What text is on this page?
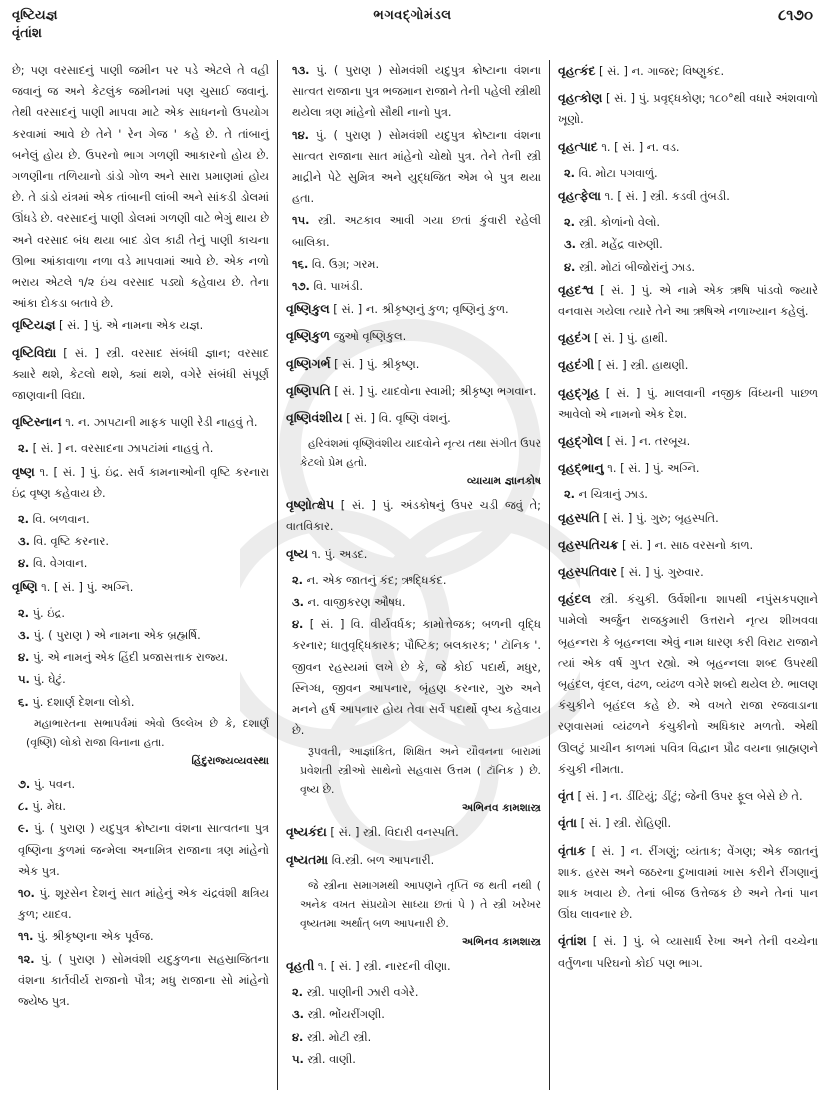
વૃષ્ટિયજ્ઞ
વૃંતાંશ
ભગવદ્ગોમંડલ	૮૧૭૦

છે; પણ વરસાદનું પાણી જમીન પર પડે એટલે તે વહી જવાનું જ અને કેટલુંક જમીનમાં પણ ચુસાઈ જવાનું. તેથી વરસાદનું પાણી માપવા માટે એક સાધનનો ઉપયોગ કરવામાં આવે છે તેને ' રેન ગેજ ' કહે છે. તે તાંબાનું બનેલું હોય છે. ઉપરનો ભાગ ગળણી આકારનો હોય છે. ગળણીના તળિયાનો ડાંડો ગોળ અને સારા પ્રમાણમાં હોય છે. તે ડાંડો યંત્રમાં એક તાંબાની લાંબી અને સાંકડી ડોલમાં ઊંધડે છે. વરસાદનું પાણી ડોલમાં ગળણી વાટે ભેગું થાય છે અને વરસાદ બંધ થયા બાદ ડોલ કાઢી તેનું પાણી કાચના ઊભા આંકાવાળા નળા વડે માપવામાં આવે છે. એક નળો ભરાય એટલે ૧/૨ ઇંચ વરસાદ પડ્યો કહેવાય છે. તેના આંકા દોકડા બતાવે છે.

વૃષ્ટિયજ્ઞ [ સં. ] પું. એ નામના એક યજ્ઞ.

વૃષ્ટિવિદ્યા [ સં. ] સ્ત્રી. વરસાદ સંબંધી જ્ઞાન; વરસાદ ક્યારે થશે, કેટલો થશે, ક્યાં થશે, વગેરે સંબંધી સંપૂર્ણ જાણવાની વિદ્યા.

વૃષ્ટિસ્નાન ૧. ન. ઝાપટાની માફક પાણી રેડી નાહવું તે.

૨. [ સં. ] ન. વરસાદના ઝાપટાંમાં નાહવું તે.

વૃષ્ણ ૧. [ સં. ] પું. ઇંદ્ર. સર્વ કામનાઓની વૃષ્ટિ કરનારા ઇંદ્ર વૃષ્ણ કહેવાય છે.

૨. વિ. બળવાન.

૩. વિ. વૃષ્ટિ કરનાર.

૪. વિ. વેગવાન.

વૃષ્ણિ ૧. [ સં. ] પું. અગ્નિ.

૨. પું. ઇંદ્ર.

૩. પું. ( પુરાણ ) એ નામના એક બ્રહ્મર્ષિ.

૪. પું. એ નામનું એક હિંદી પ્રજાસત્તાક રાજ્ય.

૫. પું. ઘેટું.

૬. પું. દશાર્ણ દેશના લોકો.

મહાભારતના સભાપર્વમાં એવો ઉલ્લેખ છે કે, દશાર્ણ (વૃષ્ણિ) લોકો રાજા વિનાના હતા.

હિંદુરાજ્યવ્યવસ્થા

૭. પું. પવન.

૮. પું. મેઘ.

૯. પું. ( પુરાણ ) યદુપુત્ર ક્રોષ્ટાના વંશના સાત્વતના પુત્ર વૃષ્ણિના કુળમાં જન્મેલા અનામિત્ર રાજાના ત્રણ માંહેનો એક પુત્ર.

૧૦. પું. શૂરસેન દેશનું સાત માંહેનું એક ચંદ્રવંશી ક્ષત્રિય કુળ; યાદવ.

૧૧. પું. શ્રીકૃષ્ણના એક પૂર્વજ.

૧૨. પું. ( પુરાણ ) સોમવંશી યદુકુળના સહસ્રાજિતના વંશના કાર્તવીર્ય રાજાનો પૌત્ર; મધુ રાજાના સો માંહેનો જ્યેષ્ઠ પુત્ર.

૧૩. પું. ( પુરાણ ) સોમવંશી યદુપુત્ર ક્રોષ્ટાના વંશના સાત્વત રાજાના પુત્ર ભજમાન રાજાને તેની પહેલી સ્ત્રીથી થયેલા ત્રણ માંહેનો સૌથી નાનો પુત્ર.

૧૪. પું. ( પુરાણ ) સોમવંશી યદુપુત્ર ક્રોષ્ટાના વંશના સાત્વત રાજાના સાત માંહેનો ચોથો પુત્ર. તેને તેની સ્ત્રી માદ્રીને પેટે સુમિત્ર અને યુદ્ધજિત એમ બે પુત્ર થયા હતા.

૧૫. સ્ત્રી. અટકાવ આવી ગયા છતાં કુંવારી રહેલી બાલિકા.

૧૬. વિ. ઉગ્ર; ગરમ.

૧૭. વિ. પાખંડી.

વૃષ્ણિકુલ [ સં. ] ન. શ્રીકૃષ્ણનું કુળ; વૃષ્ણિનું કુળ.

વૃષ્ણિકુળ જુઓ વૃષ્ણિકુલ.

વૃષ્ણિગર્ભ [ સં. ] પું. શ્રીકૃષ્ણ.

વૃષ્ણિપતિ [ સં. ] પું. યાદવોના સ્વામી; શ્રીકૃષ્ણ ભગવાન.

વૃષ્ણિવંશીય [ સં. ] વિ. વૃષ્ણિ વંશનું.

હરિવંશમાં વૃષ્ણિવંશીય યાદવોને નૃત્ય તથા સંગીત ઉપર કેટલો પ્રેમ હતો.

વ્યાયામ જ્ઞાનકોષ

વૃષ્ણોત્ક્ષેપ [ સં. ] પું. અંડકોષનું ઉપર ચડી જવું તે; વાતવિકાર.

વૃષ્ય ૧. પું. અડદ.

૨. ન. એક જાતનું કંદ; ઋદ્ધિકંદ.

૩. ન. વાજીકરણ ઔષધ.

૪. [ સં. ] વિ. વીર્યવર્ધક; કામોત્તેજક; બળની વૃદ્ધિ કરનાર; ધાતુવૃદ્ધિકારક; પૌષ્ટિક; બલકારક; ' ટૉનિક '. જીવન રહસ્યમાં લખે છે કે, જે કોઈ પદાર્થ, મધુર, સ્નિગ્ધ, જીવન આપનાર, બૃંહણ કરનાર, ગુરુ અને મનને હર્ષ આપનાર હોય તેવા સર્વ પદાર્થો વૃષ્ય કહેવાય છે.

રૂપવતી, આજ્ઞાંકિત, શિક્ષિત અને યૌવનના બારામાં પ્રવેશતી સ્ત્રીઓ સાથેનો સહવાસ ઉત્તમ ( ટૉનિક ) છે. વૃષ્ય છે.

અભિનવ કામશાસ્ત્ર

વૃષ્યકંદા [ સં. ] સ્ત્રી. વિદારી વનસ્પતિ.

વૃષ્યતમા વિ.સ્ત્રી. બળ આપનારી.

જે સ્ત્રીના સમાગમથી આપણને તૃપ્તિ જ થતી નથી ( અનેક વખત સંપ્રયોગ સાધ્યા છતાં પે ) તે સ્ત્રી ખરેખર વૃષ્યતમા અર્થાત્ બળ આપનારી છે.

અભિનવ કામશાસ્ત્ર

વૃહતી ૧. [ સં. ] સ્ત્રી. નારદની વીણા.

૨. સ્ત્રી. પાણીની ઝારી વગેરે.

૩. સ્ત્રી. ભોંયરીંગણી.

૪. સ્ત્રી. મોટી સ્ત્રી.

૫. સ્ત્રી. વાણી.

વૃહત્કંદ [ સં. ] ન. ગાજર; વિષ્ણુકંદ.

વૃહત્કોણ [ સં. ] પું. પ્રવૃદ્ધકોણ; ૧૮૦°થી વધારે અંશવાળો ખૂણો.

વૃહત્પાદ ૧. [ સં. ] ન. વડ.

૨. વિ. મોટા પગવાળું.

વૃહત્ફેલા ૧. [ સં. ] સ્ત્રી. કડવી તુંબડી.

૨. સ્ત્રી. કોળાંનો વેલો.

૩. સ્ત્રી. મહેંદ્ર વારુણી.

૪. સ્ત્રી. મોટાં બીજોરાંનું ઝાડ.

વૃહદશ્વ [ સં. ] પું. એ નામે એક ઋષિ પાંડવો જ્યારે વનવાસ ગયેલા ત્યારે તેને આ ઋષિએ નળાખ્યાન કહેલું.

વૃહદંગ [ સં. ] પું. હાથી.

વૃહદંગી [ સં. ] સ્ત્રી. હાથણી.

વૃહદ્ગૃહ [ સં. ] પું. માલવાની નજીક વિંધ્યની પાછળ આવેલો એ નામનો એક દેશ.

વૃહદ્ગોલ [ સં. ] ન. તરબૂચ.

વૃહદ્ભાનુ ૧. [ સં. ] પું. અગ્નિ.

૨. ન ચિત્રાનું ઝાડ.

વૃહસ્પતિ [ સં. ] પું. ગુરુ; બૃહસ્પતિ.

વૃહસ્પતિચક્ર [ સં. ] ન. સાઠ વરસનો કાળ.

વૃહસ્પતિવાર [ સં. ] પું. ગુરુવાર.

વૃહંદલ સ્ત્રી. કંચુકી. ઉર્વશીના શાપથી નપુંસકપણાને પામેલો અર્જુન રાજકુમારી ઉત્તરાને નૃત્ય શીખવવા બૃહન્નરા કે બૃહન્નલા એવું નામ ધારણ કરી વિરાટ રાજાને ત્યાં એક વર્ષ ગુપ્ત રહ્યો. એ બૃહન્નલા શબ્દ ઉપરથી બૃહંદલ, વૃંદલ, વંઢળ, વ્યંઢળ વગેરે શબ્દો થયેલ છે. ભાલણ કંચુકીને બૃહંદલ કહે છે. એ વખતે રાજા રજવાડાના રણવાસમાં વ્યંઢળને કંચુકીનો અધિકાર મળતો. એથી ઊલટું પ્રાચીન કાળમાં પવિત્ર વિદ્વાન પ્રૌઢ વયના બ્રાહ્મણને કંચુકી નીમતા.

વૃંત [ સં. ] ન. ડીંટિયું; ડીંટું; જેની ઉપર ફૂલ બેસે છે તે.

વૃંતા [ સં. ] સ્ત્રી. રોહિણી.

વૃંતાક [ સં. ] ન. રીંગણું; વ્યંતાક; વેંગણ; એક જાતનું શાક. હરસ અને જઠરના દુખાવામાં ખાસ કરીને રીંગણાનું શાક ખવાય છે. તેનાં બીજ ઉત્તેજક છે અને તેનાં પાન ઊંઘ લાવનાર છે.

વૃંતાંશ [ સં. ] પું. બે વ્યાસાર્ધ રેખા અને તેની વચ્ચેના વર્તુળના પરિઘનો કોઈ પણ ભાગ.
